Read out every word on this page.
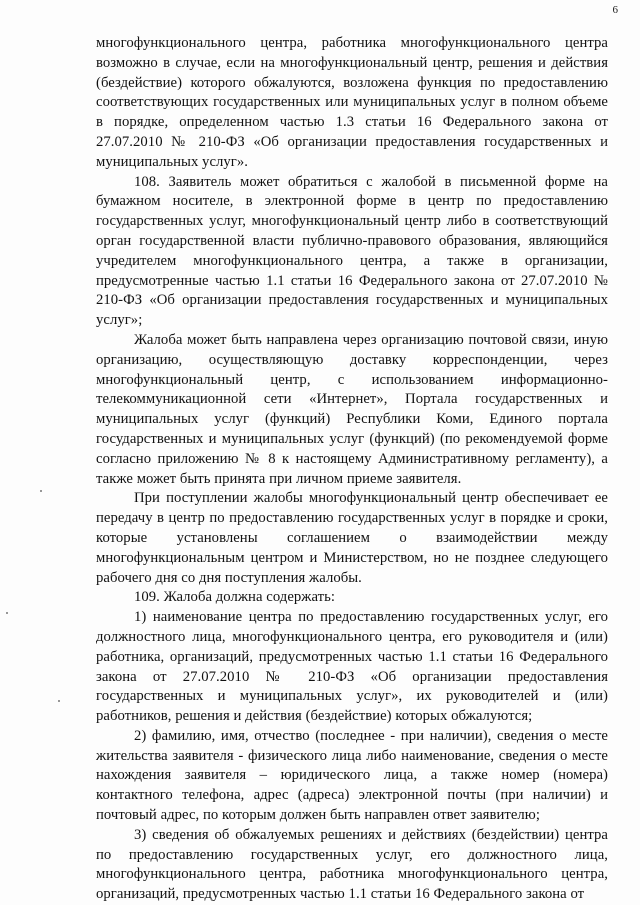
6

многофункционального центра, работника многофункционального центра возможно в случае, если на многофункциональный центр, решения и действия (бездействие) которого обжалуются, возложена функция по предоставлению соответствующих государственных или муниципальных услуг в полном объеме в порядке, определенном частью 1.3 статьи 16 Федерального закона от 27.07.2010 № 210-ФЗ «Об организации предоставления государственных и муниципальных услуг».

108. Заявитель может обратиться с жалобой в письменной форме на бумажном носителе, в электронной форме в центр по предоставлению государственных услуг, многофункциональный центр либо в соответствующий орган государственной власти публично-правового образования, являющийся учредителем многофункционального центра, а также в организации, предусмотренные частью 1.1 статьи 16 Федерального закона от 27.07.2010 № 210-ФЗ «Об организации предоставления государственных и муниципальных услуг»;

Жалоба может быть направлена через организацию почтовой связи, иную организацию, осуществляющую доставку корреспонденции, через многофункциональный центр, с использованием информационно-телекоммуникационной сети «Интернет», Портала государственных и муниципальных услуг (функций) Республики Коми, Единого портала государственных и муниципальных услуг (функций) (по рекомендуемой форме согласно приложению № 8 к настоящему Административному регламенту), а также может быть принята при личном приеме заявителя.

При поступлении жалобы многофункциональный центр обеспечивает ее передачу в центр по предоставлению государственных услуг в порядке и сроки, которые установлены соглашением о взаимодействии между многофункциональным центром и Министерством, но не позднее следующего рабочего дня со дня поступления жалобы.

109. Жалоба должна содержать:

1) наименование центра по предоставлению государственных услуг, его должностного лица, многофункционального центра, его руководителя и (или) работника, организаций, предусмотренных частью 1.1 статьи 16 Федерального закона от 27.07.2010 № 210-ФЗ «Об организации предоставления государственных и муниципальных услуг», их руководителей и (или) работников, решения и действия (бездействие) которых обжалуются;

2) фамилию, имя, отчество (последнее - при наличии), сведения о месте жительства заявителя - физического лица либо наименование, сведения о месте нахождения заявителя – юридического лица, а также номер (номера) контактного телефона, адрес (адреса) электронной почты (при наличии) и почтовый адрес, по которым должен быть направлен ответ заявителю;

3) сведения об обжалуемых решениях и действиях (бездействии) центра по предоставлению государственных услуг, его должностного лица, многофункционального центра, работника многофункционального центра, организаций, предусмотренных частью 1.1 статьи 16 Федерального закона от
